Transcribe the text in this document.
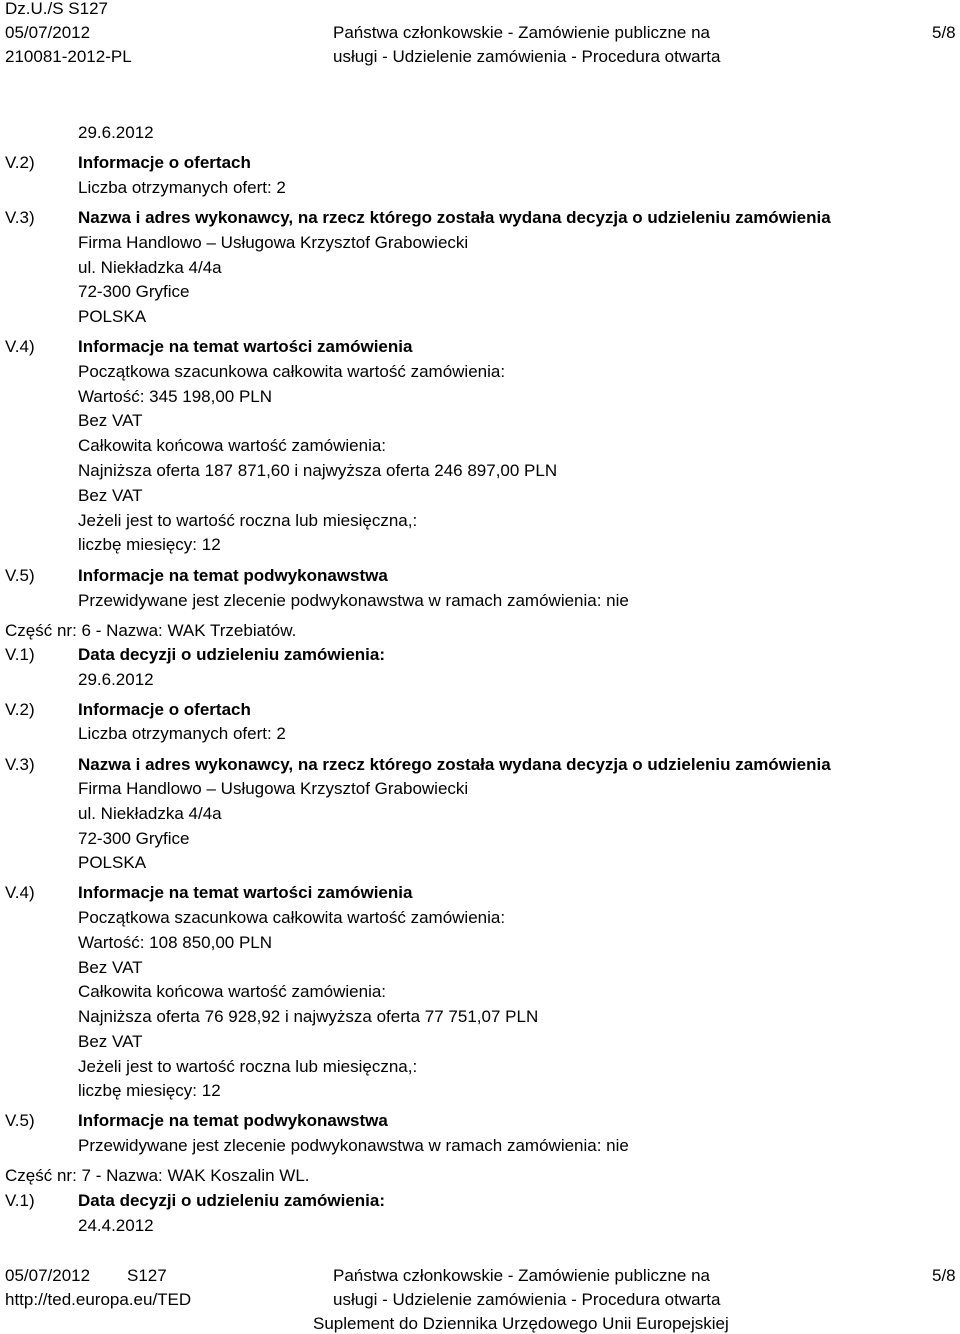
Dz.U./S S127
05/07/2012
210081-2012-PL
Państwa członkowskie - Zamówienie publiczne na
usługi - Udzielenie zamówienia - Procedura otwarta
5/8
29.6.2012
V.2)	Informacje o ofertach
Liczba otrzymanych ofert: 2
V.3)	Nazwa i adres wykonawcy, na rzecz którego została wydana decyzja o udzieleniu zamówienia
Firma Handlowo – Usługowa Krzysztof Grabowiecki
ul. Niekładzka 4/4a
72-300 Gryfice
POLSKA
V.4)	Informacje na temat wartości zamówienia
Początkowa szacunkowa całkowita wartość zamówienia:
Wartość: 345 198,00 PLN
Bez VAT
Całkowita końcowa wartość zamówienia:
Najniższa oferta 187 871,60 i najwyższa oferta 246 897,00 PLN
Bez VAT
Jeżeli jest to wartość roczna lub miesięczna,:
liczbę miesięcy: 12
V.5)	Informacje na temat podwykonawstwa
Przewidywane jest zlecenie podwykonawstwa w ramach zamówienia: nie
Część nr: 6 - Nazwa: WAK Trzebiatów.
V.1)	Data decyzji o udzieleniu zamówienia:
29.6.2012
V.2)	Informacje o ofertach
Liczba otrzymanych ofert: 2
V.3)	Nazwa i adres wykonawcy, na rzecz którego została wydana decyzja o udzieleniu zamówienia
Firma Handlowo – Usługowa Krzysztof Grabowiecki
ul. Niekładzka 4/4a
72-300 Gryfice
POLSKA
V.4)	Informacje na temat wartości zamówienia
Początkowa szacunkowa całkowita wartość zamówienia:
Wartość: 108 850,00 PLN
Bez VAT
Całkowita końcowa wartość zamówienia:
Najniższa oferta 76 928,92 i najwyższa oferta 77 751,07 PLN
Bez VAT
Jeżeli jest to wartość roczna lub miesięczna,:
liczbę miesięcy: 12
V.5)	Informacje na temat podwykonawstwa
Przewidywane jest zlecenie podwykonawstwa w ramach zamówienia: nie
Część nr: 7 - Nazwa: WAK Koszalin WL.
V.1)	Data decyzji o udzieleniu zamówienia:
24.4.2012
05/07/2012 S127
http://ted.europa.eu/TED
Państwa członkowskie - Zamówienie publiczne na
usługi - Udzielenie zamówienia - Procedura otwarta
Suplement do Dziennika Urzędowego Unii Europejskiej
5/8
